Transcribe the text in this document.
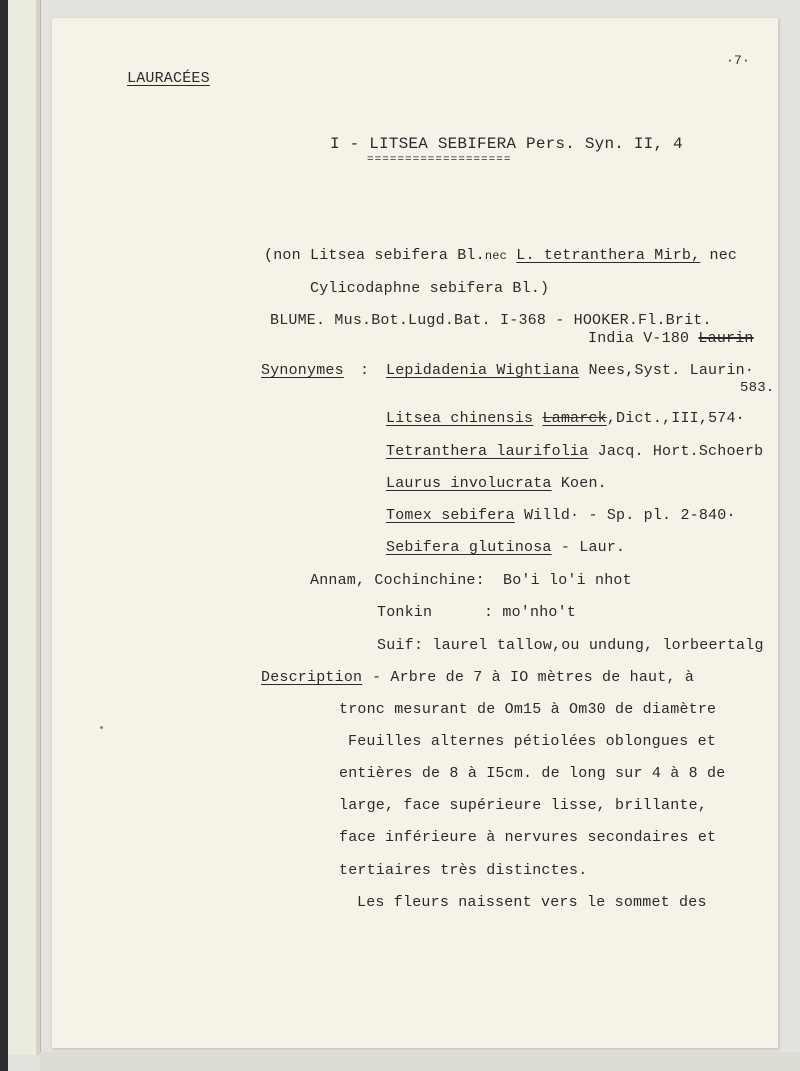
·7·
LAURACÉES
I - LITSEA SEBIFERA Pers. Syn. II, 4
===================
(non Litsea sebifera Bl.nec L. tetranthera Mirb, nec
Cylicodaphne sebifera Bl.)
BLUME. Mus.Bot.Lugd.Bat. I-368 - HOOKER.Fl.Brit.
India V-180 Laurin
Synonymes : Lepidadenia Wightiana Nees,Syst. Laurin·
583.
Litsea chinensis Lamarck,Dict.,III,574·
Tetranthera laurifolia Jacq. Hort.Schoerb
Laurus involucrata Koen.
Tomex sebifera Willd· - Sp. pl. 2-840·
Sebifera glutinosa - Laur.
Annam, Cochinchine: Bo'i lo'i nhot
Tonkin	: mo'nho't
Suif : laurel tallow,ou undung, lorbeertalg
Description - Arbre de 7 à IO mètres de haut, à
tronc mesurant de Om15 à Om30 de diamètre
Feuilles alternes pétiolées oblongues et
entières de 8 à I5cm. de long sur 4 à 8 de
large, face supérieure lisse, brillante,
face inférieure à nervures secondaires et
tertiaires très distinctes.
Les fleurs naissent vers le sommet des
